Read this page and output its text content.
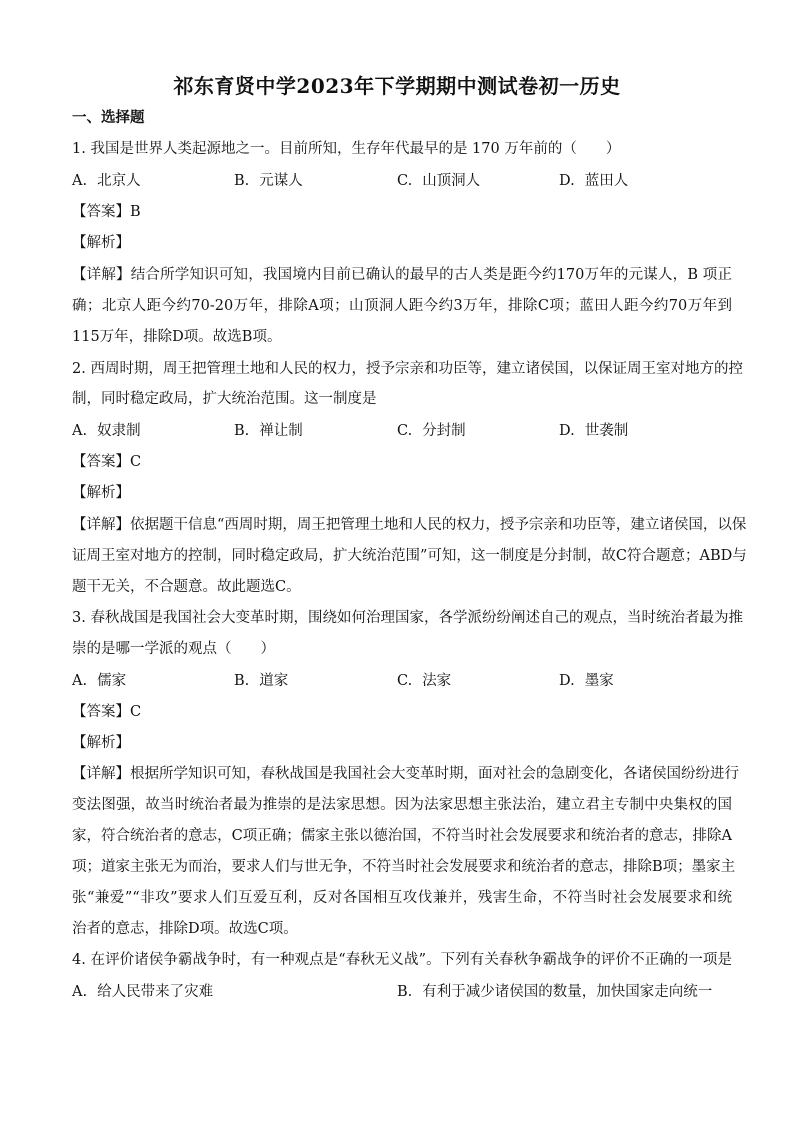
祁东育贤中学2023年下学期期中测试卷初一历史
一、选择题
1. 我国是世界人类起源地之一。目前所知，生存年代最早的是 170 万年前的（　　）
A. 北京人	B. 元谋人	C. 山顶洞人	D. 蓝田人
【答案】B
【解析】
【详解】结合所学知识可知，我国境内目前已确认的最早的古人类是距今约170万年的元谋人，B 项正
确；北京人距今约70-20万年，排除A项；山顶洞人距今约3万年，排除C项；蓝田人距今约70万年到
115万年，排除D项。故选B项。
2. 西周时期，周王把管理土地和人民的权力，授予宗亲和功臣等，建立诸侯国，以保证周王室对地方的控
制，同时稳定政局，扩大统治范围。这一制度是
A. 奴隶制	B. 禅让制	C. 分封制	D. 世袭制
【答案】C
【解析】
【详解】依据题干信息“西周时期，周王把管理土地和人民的权力，授予宗亲和功臣等，建立诸侯国，以保
证周王室对地方的控制，同时稳定政局，扩大统治范围”可知，这一制度是分封制，故C符合题意；ABD与
题干无关，不合题意。故此题选C。
3. 春秋战国是我国社会大变革时期，围绕如何治理国家，各学派纷纷阐述自己的观点，当时统治者最为推
崇的是哪一学派的观点（　　）
A. 儒家	B. 道家	C. 法家	D. 墨家
【答案】C
【解析】
【详解】根据所学知识可知，春秋战国是我国社会大变革时期，面对社会的急剧变化，各诸侯国纷纷进行
变法图强，故当时统治者最为推崇的是法家思想。因为法家思想主张法治，建立君主专制中央集权的国
家，符合统治者的意志，C项正确；儒家主张以德治国，不符当时社会发展要求和统治者的意志，排除A
项；道家主张无为而治，要求人们与世无争，不符当时社会发展要求和统治者的意志，排除B项；墨家主
张“兼爱”“非攻”要求人们互爱互利，反对各国相互攻伐兼并，残害生命，不符当时社会发展要求和统
治者的意志，排除D项。故选C项。
4. 在评价诸侯争霸战争时，有一种观点是“春秋无义战”。下列有关春秋争霸战争的评价不正确的一项是
A. 给人民带来了灾难	B. 有利于减少诸侯国的数量，加快国家走向统一
